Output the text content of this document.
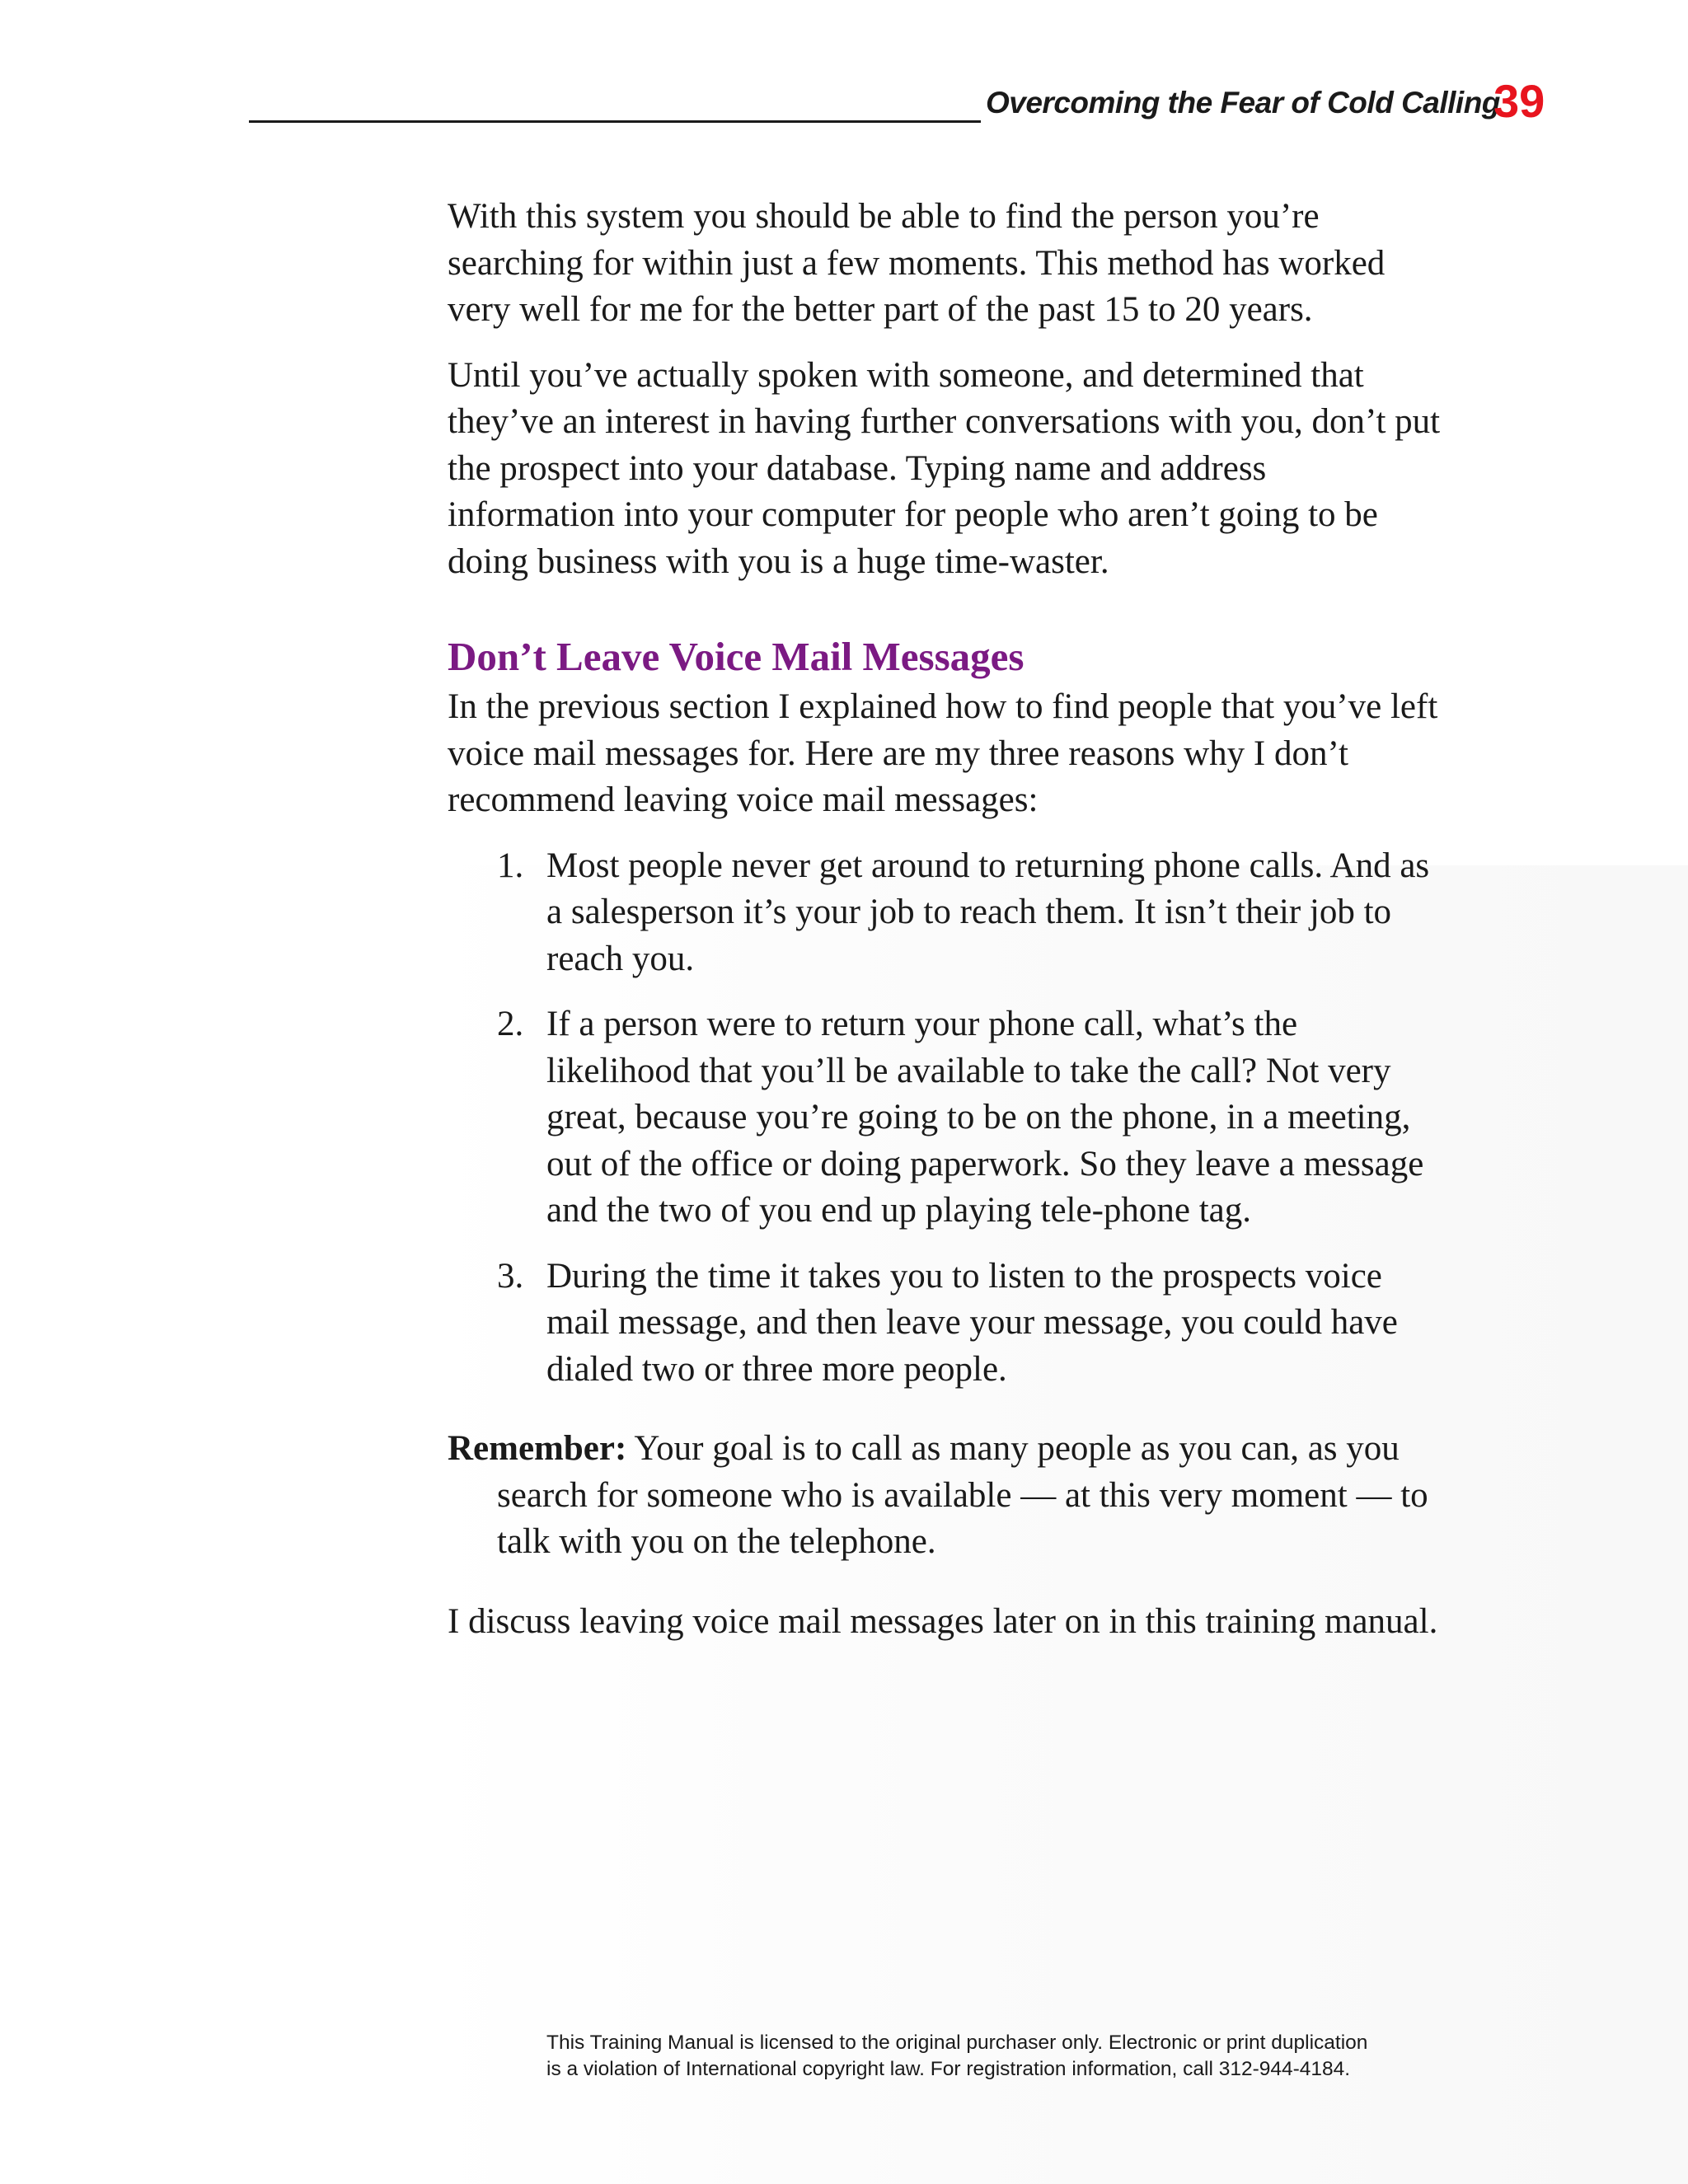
Overcoming the Fear of Cold Calling
39

With this system you should be able to find the person you’re searching for within just a few moments. This method has worked very well for me for the better part of the past 15 to 20 years.

Until you’ve actually spoken with someone, and determined that they’ve an interest in having further conversations with you, don’t put the prospect into your database. Typing name and address information into your computer for people who aren’t going to be doing business with you is a huge time-waster.

Don’t Leave Voice Mail Messages

In the previous section I explained how to find people that you’ve left voice mail messages for. Here are my three reasons why I don’t recommend leaving voice mail messages:

1. Most people never get around to returning phone calls. And as a salesperson it’s your job to reach them. It isn’t their job to reach you.
2. If a person were to return your phone call, what’s the likelihood that you’ll be available to take the call? Not very great, because you’re going to be on the phone, in a meeting, out of the office or doing paperwork. So they leave a message and the two of you end up playing tele-phone tag.
3. During the time it takes you to listen to the prospects voice mail message, and then leave your message, you could have dialed two or three more people.

Remember: Your goal is to call as many people as you can, as you search for someone who is available — at this very moment — to talk with you on the telephone.

I discuss leaving voice mail messages later on in this training manual.

This Training Manual is licensed to the original purchaser only. Electronic or print duplication
is a violation of International copyright law. For registration information, call 312-944-4184.
